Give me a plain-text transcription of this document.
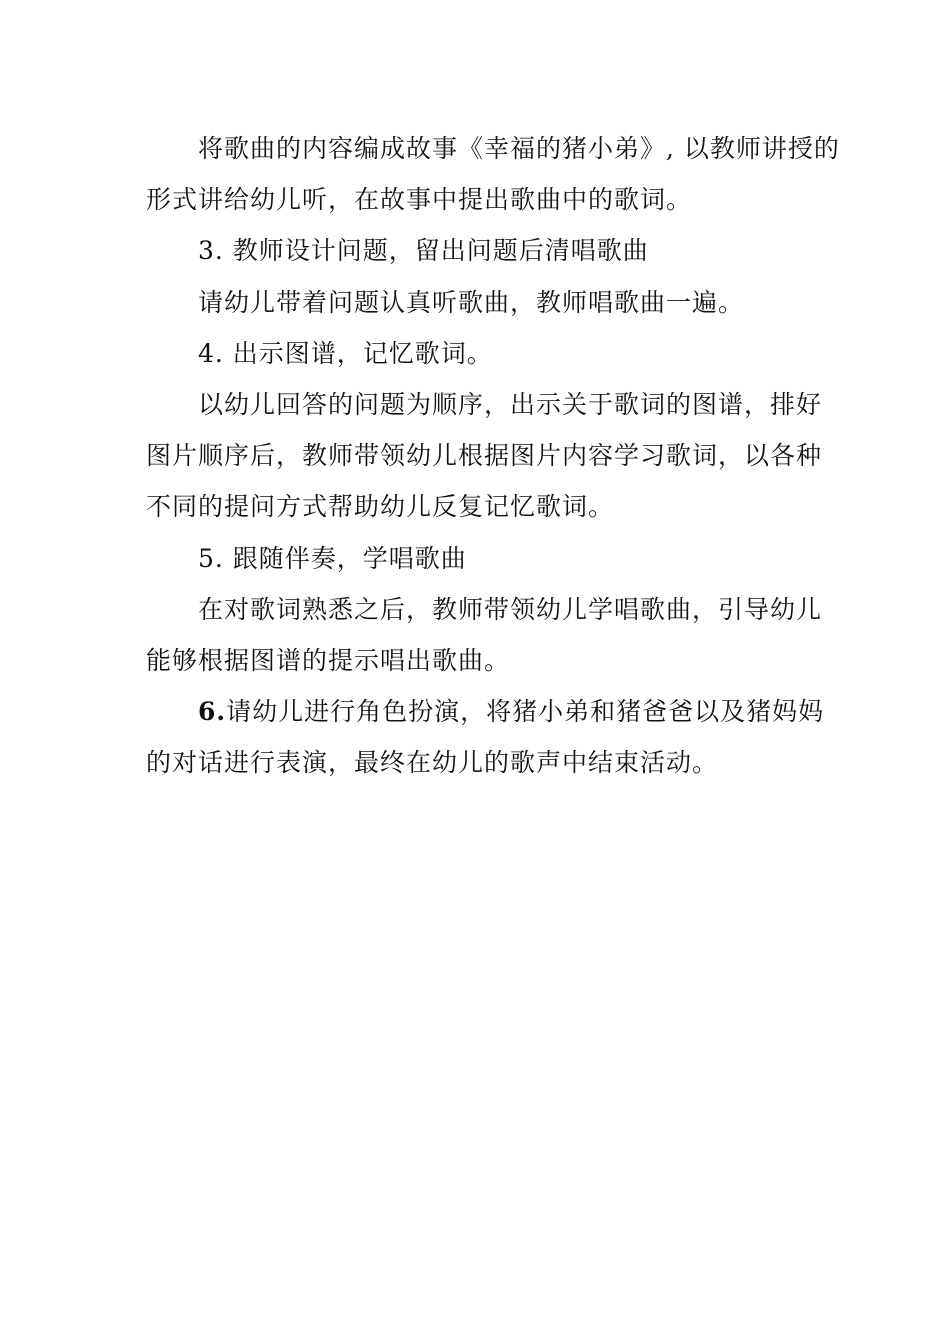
将歌曲的内容编成故事《幸福的猪小弟》, 以教师讲授的
形式讲给幼儿听，在故事中提出歌曲中的歌词。
3. 教师设计问题，留出问题后清唱歌曲
请幼儿带着问题认真听歌曲，教师唱歌曲一遍。
4. 出示图谱，记忆歌词。
以幼儿回答的问题为顺序，出示关于歌词的图谱，排好
图片顺序后，教师带领幼儿根据图片内容学习歌词，以各种
不同的提问方式帮助幼儿反复记忆歌词。
5. 跟随伴奏，学唱歌曲
在对歌词熟悉之后，教师带领幼儿学唱歌曲，引导幼儿
能够根据图谱的提示唱出歌曲。
6.请幼儿进行角色扮演，将猪小弟和猪爸爸以及猪妈妈
的对话进行表演，最终在幼儿的歌声中结束活动。
